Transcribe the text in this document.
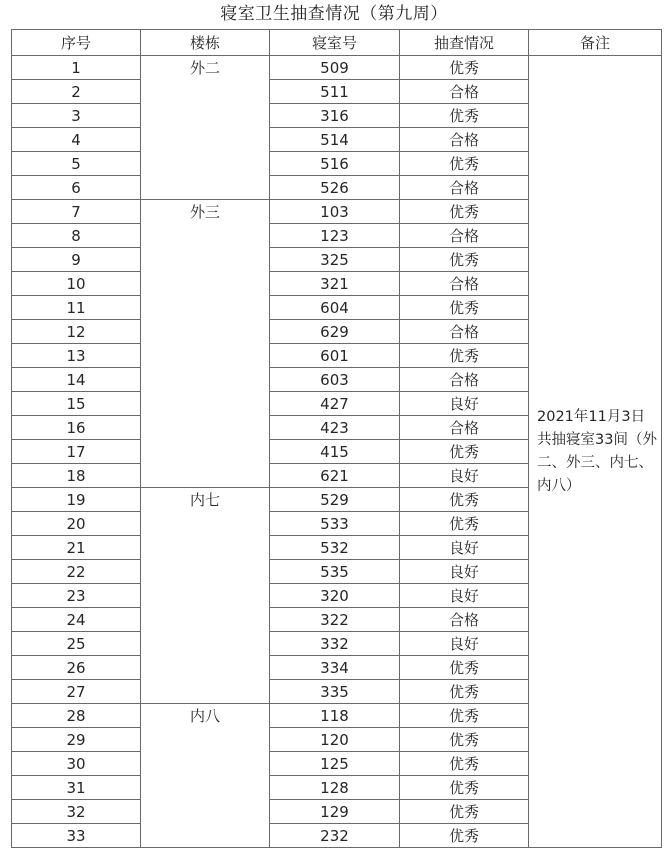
寝室卫生抽查情况（第九周）
序号	楼栋	寝室号	抽查情况	备注
1	外二	509	优秀	2021年11月3日共抽寝室33间（外二、外三、内七、内八）
2		511	合格	
3		316	优秀	
4		514	合格	
5		516	优秀	
6		526	合格	
7	外三	103	优秀	
8		123	合格	
9		325	优秀	
10		321	合格	
11		604	优秀	
12		629	合格	
13		601	优秀	
14		603	合格	
15		427	良好	
16		423	合格	
17		415	优秀	
18		621	良好	
19	内七	529	优秀	
20		533	优秀	
21		532	良好	
22		535	良好	
23		320	良好	
24		322	合格	
25		332	良好	
26		334	优秀	
27		335	优秀	
28	内八	118	优秀	
29		120	优秀	
30		125	优秀	
31		128	优秀	
32		129	优秀	
33		232	优秀	
